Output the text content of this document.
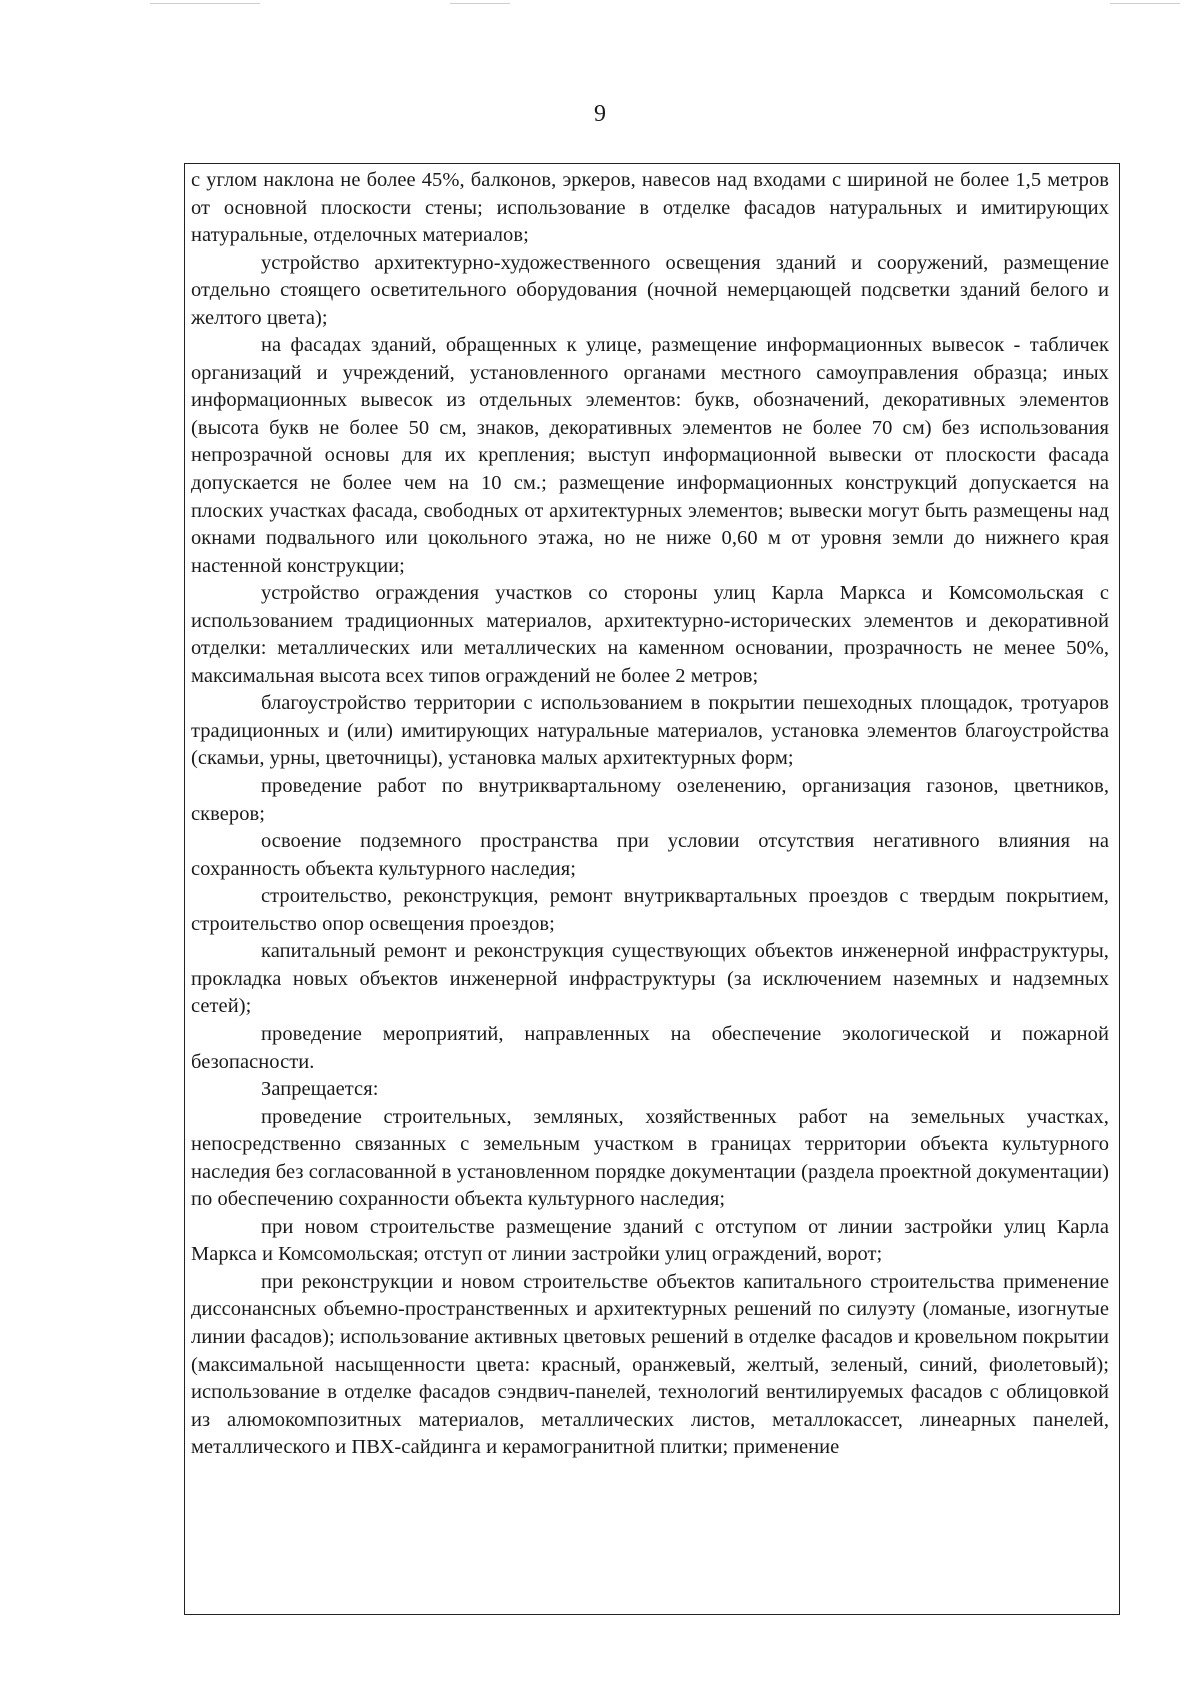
9

с углом наклона не более 45%, балконов, эркеров, навесов над входами с шириной не более 1,5 метров от основной плоскости стены; использование в отделке фасадов натуральных и имитирующих натуральные, отделочных материалов;

устройство архитектурно-художественного освещения зданий и сооружений, размещение отдельно стоящего осветительного оборудования (ночной немерцающей подсветки зданий белого и желтого цвета);

на фасадах зданий, обращенных к улице, размещение информационных вывесок - табличек организаций и учреждений, установленного органами местного самоуправления образца; иных информационных вывесок из отдельных элементов: букв, обозначений, декоративных элементов (высота букв не более 50 см, знаков, декоративных элементов не более 70 см) без использования непрозрачной основы для их крепления; выступ информационной вывески от плоскости фасада допускается не более чем на 10 см.; размещение информационных конструкций допускается на плоских участках фасада, свободных от архитектурных элементов; вывески могут быть размещены над окнами подвального или цокольного этажа, но не ниже 0,60 м от уровня земли до нижнего края настенной конструкции;

устройство ограждения участков со стороны улиц Карла Маркса и Комсомольская с использованием традиционных материалов, архитектурно-исторических элементов и декоративной отделки: металлических или металлических на каменном основании, прозрачность не менее 50%, максимальная высота всех типов ограждений не более 2 метров;

благоустройство территории с использованием в покрытии пешеходных площадок, тротуаров традиционных и (или) имитирующих натуральные материалов, установка элементов благоустройства (скамьи, урны, цветочницы), установка малых архитектурных форм;

проведение работ по внутриквартальному озеленению, организация газонов, цветников, скверов;

освоение подземного пространства при условии отсутствия негативного влияния на сохранность объекта культурного наследия;

строительство, реконструкция, ремонт внутриквартальных проездов с твердым покрытием, строительство опор освещения проездов;

капитальный ремонт и реконструкция существующих объектов инженерной инфраструктуры, прокладка новых объектов инженерной инфраструктуры (за исключением наземных и надземных сетей);

проведение мероприятий, направленных на обеспечение экологической и пожарной безопасности.

Запрещается:

проведение строительных, земляных, хозяйственных работ на земельных участках, непосредственно связанных с земельным участком в границах территории объекта культурного наследия без согласованной в установленном порядке документации (раздела проектной документации) по обеспечению сохранности объекта культурного наследия;

при новом строительстве размещение зданий с отступом от линии застройки улиц Карла Маркса и Комсомольская; отступ от линии застройки улиц ограждений, ворот;

при реконструкции и новом строительстве объектов капитального строительства применение диссонансных объемно-пространственных и архитектурных решений по силуэту (ломаные, изогнутые линии фасадов); использование активных цветовых решений в отделке фасадов и кровельном покрытии (максимальной насыщенности цвета: красный, оранжевый, желтый, зеленый, синий, фиолетовый); использование в отделке фасадов сэндвич-панелей, технологий вентилируемых фасадов с облицовкой из алюмокомпозитных материалов, металлических листов, металлокассет, линеарных панелей, металлического и ПВХ-сайдинга и керамогранитной плитки; применение
